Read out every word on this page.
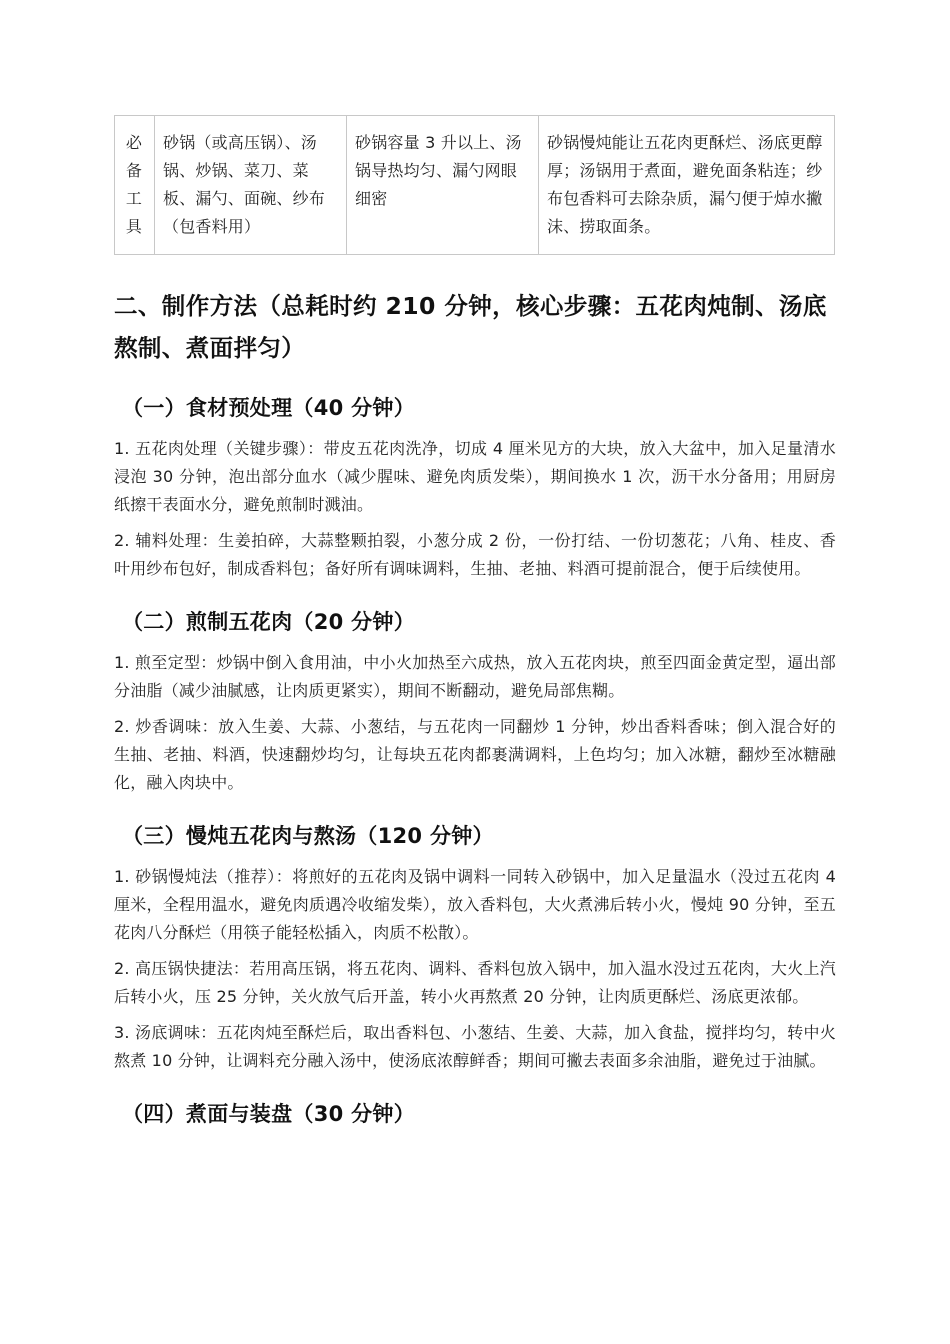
必备工具	砂锅（或高压锅）、汤锅、炒锅、菜刀、菜板、漏勺、面碗、纱布（包香料用）	砂锅容量 3 升以上、汤锅导热均匀、漏勺网眼细密	砂锅慢炖能让五花肉更酥烂、汤底更醇厚；汤锅用于煮面，避免面条粘连；纱布包香料可去除杂质，漏勺便于焯水撇沫、捞取面条。
二、制作方法（总耗时约 210 分钟，核心步骤：五花肉炖制、汤底熬制、煮面拌匀）
（一）食材预处理（40 分钟）

1. 五花肉处理（关键步骤）：带皮五花肉洗净，切成 4 厘米见方的大块，放入大盆中，加入足量清水浸泡 30 分钟，泡出部分血水（减少腥味、避免肉质发柴），期间换水 1 次，沥干水分备用；用厨房纸擦干表面水分，避免煎制时溅油。

2. 辅料处理：生姜拍碎，大蒜整颗拍裂，小葱分成 2 份，一份打结、一份切葱花；八角、桂皮、香叶用纱布包好，制成香料包；备好所有调味调料，生抽、老抽、料酒可提前混合，便于后续使用。

（二）煎制五花肉（20 分钟）

1. 煎至定型：炒锅中倒入食用油，中小火加热至六成热，放入五花肉块，煎至四面金黄定型，逼出部分油脂（减少油腻感，让肉质更紧实），期间不断翻动，避免局部焦糊。

2. 炒香调味：放入生姜、大蒜、小葱结，与五花肉一同翻炒 1 分钟，炒出香料香味；倒入混合好的生抽、老抽、料酒，快速翻炒均匀，让每块五花肉都裹满调料，上色均匀；加入冰糖，翻炒至冰糖融化，融入肉块中。

（三）慢炖五花肉与熬汤（120 分钟）

1. 砂锅慢炖法（推荐）：将煎好的五花肉及锅中调料一同转入砂锅中，加入足量温水（没过五花肉 4 厘米，全程用温水，避免肉质遇冷收缩发柴），放入香料包，大火煮沸后转小火，慢炖 90 分钟，至五花肉八分酥烂（用筷子能轻松插入，肉质不松散）。

2. 高压锅快捷法：若用高压锅，将五花肉、调料、香料包放入锅中，加入温水没过五花肉，大火上汽后转小火，压 25 分钟，关火放气后开盖，转小火再熬煮 20 分钟，让肉质更酥烂、汤底更浓郁。

3. 汤底调味：五花肉炖至酥烂后，取出香料包、小葱结、生姜、大蒜，加入食盐，搅拌均匀，转中火熬煮 10 分钟，让调料充分融入汤中，使汤底浓醇鲜香；期间可撇去表面多余油脂，避免过于油腻。

（四）煮面与装盘（30 分钟）
